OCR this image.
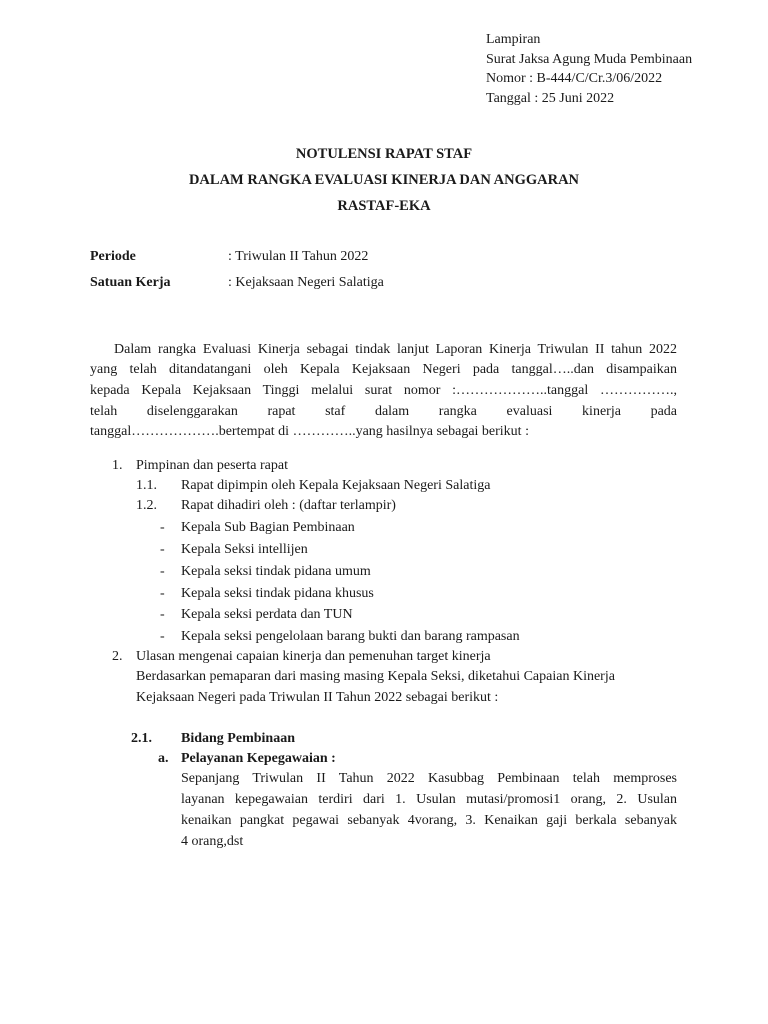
Lampiran
Surat Jaksa Agung Muda Pembinaan
Nomor : B-444/C/Cr.3/06/2022
Tanggal : 25 Juni 2022
NOTULENSI RAPAT STAF
DALAM RANGKA EVALUASI KINERJA DAN ANGGARAN
RASTAF-EKA
Periode	: Triwulan II Tahun 2022
Satuan Kerja	: Kejaksaan Negeri Salatiga
Dalam rangka Evaluasi Kinerja sebagai tindak lanjut Laporan Kinerja Triwulan II tahun 2022
yang telah ditandatangani oleh Kepala Kejaksaan Negeri pada tanggal…..dan disampaikan
kepada Kepala Kejaksaan Tinggi melalui surat nomor :………………..tanggal …………….,
telah diselenggarakan rapat staf dalam rangka evaluasi kinerja pada
tanggal……………….bertempat di …………..yang hasilnya sebagai berikut :
1. Pimpinan dan peserta rapat
1.1. Rapat dipimpin oleh Kepala Kejaksaan Negeri Salatiga
1.2. Rapat dihadiri oleh : (daftar terlampir)
- Kepala Sub Bagian Pembinaan
- Kepala Seksi intellijen
- Kepala seksi tindak pidana umum
- Kepala seksi tindak pidana khusus
- Kepala seksi perdata dan TUN
- Kepala seksi pengelolaan barang bukti dan barang rampasan
2. Ulasan mengenai capaian kinerja dan pemenuhan target kinerja
Berdasarkan pemaparan dari masing masing Kepala Seksi, diketahui Capaian Kinerja
Kejaksaan Negeri pada Triwulan II Tahun 2022 sebagai berikut :
2.1. Bidang Pembinaan
a. Pelayanan Kepegawaian :
Sepanjang Triwulan II Tahun 2022 Kasubbag Pembinaan telah memproses
layanan kepegawaian terdiri dari 1. Usulan mutasi/promosi1 orang, 2. Usulan
kenaikan pangkat pegawai sebanyak 4vorang, 3. Kenaikan gaji berkala sebanyak
4 orang,dst
